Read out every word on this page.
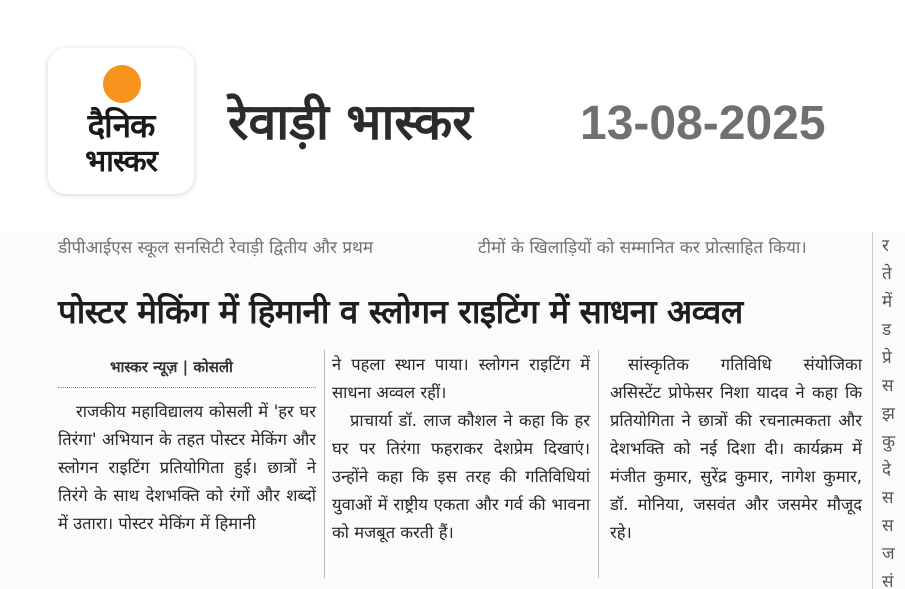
दैनिक
भास्कर
रेवाड़ी भास्कर 13-08-2025
डीपीआईएस स्कूल सनसिटी रेवाड़ी द्वितीय और प्रथम	टीमों के खिलाड़ियों को सम्मानित कर प्रोत्साहित किया।
पोस्टर मेकिंग में हिमानी व स्लोगन राइटिंग में साधना अव्वल
भास्कर न्यूज़ | कोसली

राजकीय महाविद्यालय कोसली में 'हर घर तिरंगा' अभियान के तहत पोस्टर मेकिंग और स्लोगन राइटिंग प्रतियोगिता हुई। छात्रों ने तिरंगे के साथ देशभक्ति को रंगों और शब्दों में उतारा। पोस्टर मेकिंग में हिमानी

ने पहला स्थान पाया। स्लोगन राइटिंग में साधना अव्वल रहीं।

प्राचार्या डॉ. लाज कौशल ने कहा कि हर घर पर तिरंगा फहराकर देशप्रेम दिखाएं। उन्होंने कहा कि इस तरह की गतिविधियां युवाओं में राष्ट्रीय एकता और गर्व की भावना को मजबूत करती हैं।

सांस्कृतिक गतिविधि संयोजिका असिस्टेंट प्रोफेसर निशा यादव ने कहा कि प्रतियोगिता ने छात्रों की रचनात्मकता और देशभक्ति को नई दिशा दी। कार्यक्रम में मंजीत कुमार, सुरेंद्र कुमार, नागेश कुमार, डॉ. मोनिया, जसवंत और जसमेर मौजूद रहे।

र
ते
में
ड
प्रे
स
झ
कु
दे
स
स
ज
सं
